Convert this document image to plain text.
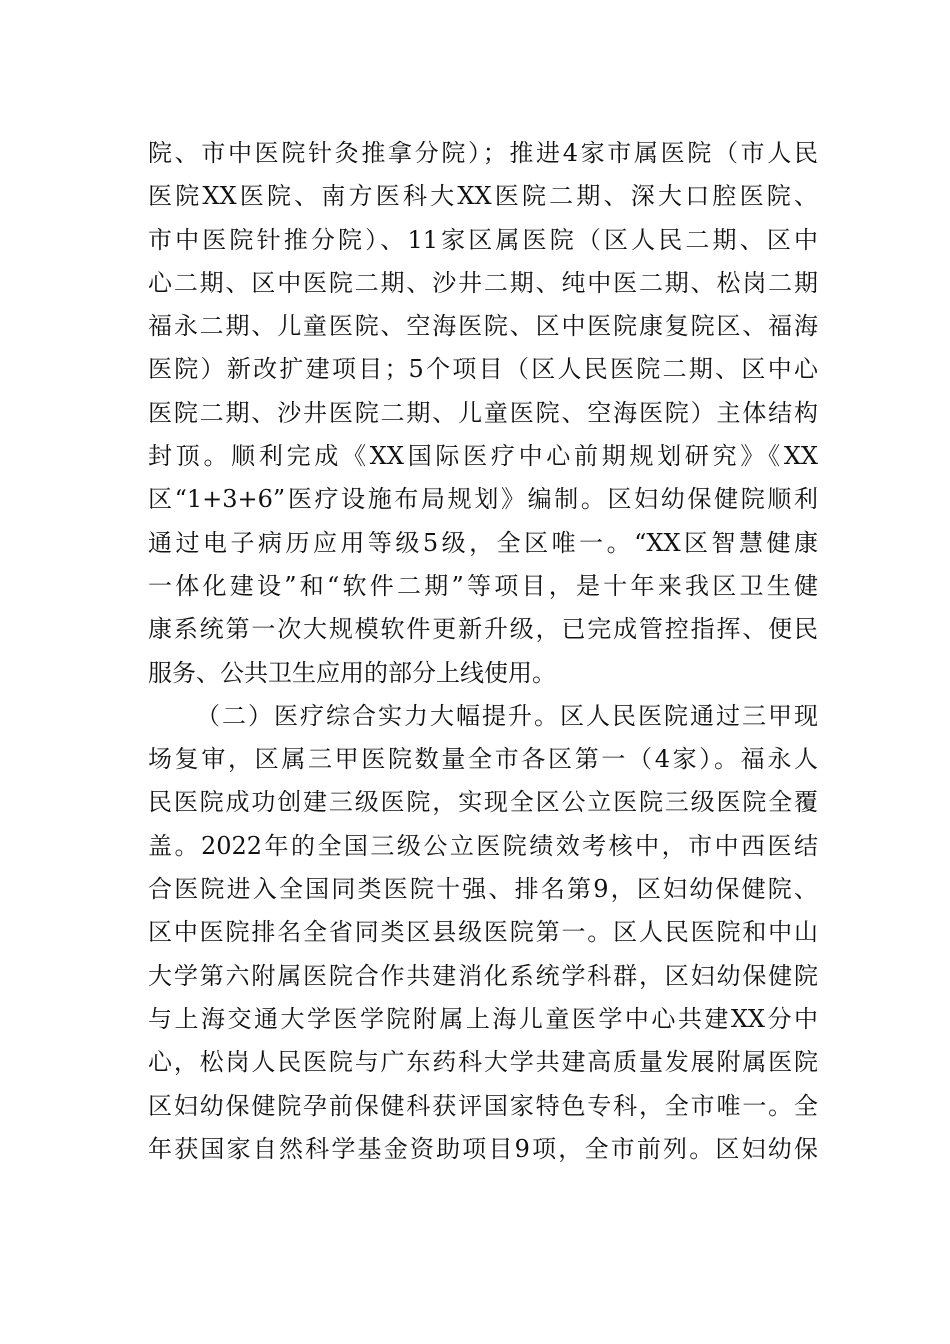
院、市中医院针灸推拿分院）；推进4家市属医院（市人民
医院XX医院、南方医科大XX医院二期、深大口腔医院、
市中医院针推分院）、11家区属医院（区人民二期、区中
心二期、区中医院二期、沙井二期、纯中医二期、松岗二期
福永二期、儿童医院、空海医院、区中医院康复院区、福海
医院）新改扩建项目；5个项目（区人民医院二期、区中心
医院二期、沙井医院二期、儿童医院、空海医院）主体结构
封顶。顺利完成《XX国际医疗中心前期规划研究》《XX
区“1+3+6”医疗设施布局规划》编制。区妇幼保健院顺利
通过电子病历应用等级5级，全区唯一。“XX区智慧健康
一体化建设”和“软件二期”等项目，是十年来我区卫生健
康系统第一次大规模软件更新升级，已完成管控指挥、便民
服务、公共卫生应用的部分上线使用。
（二）医疗综合实力大幅提升。区人民医院通过三甲现
场复审，区属三甲医院数量全市各区第一（4家）。福永人
民医院成功创建三级医院，实现全区公立医院三级医院全覆
盖。2022年的全国三级公立医院绩效考核中，市中西医结
合医院进入全国同类医院十强、排名第9，区妇幼保健院、
区中医院排名全省同类区县级医院第一。区人民医院和中山
大学第六附属医院合作共建消化系统学科群，区妇幼保健院
与上海交通大学医学院附属上海儿童医学中心共建XX分中
心，松岗人民医院与广东药科大学共建高质量发展附属医院
区妇幼保健院孕前保健科获评国家特色专科，全市唯一。全
年获国家自然科学基金资助项目9项，全市前列。区妇幼保
